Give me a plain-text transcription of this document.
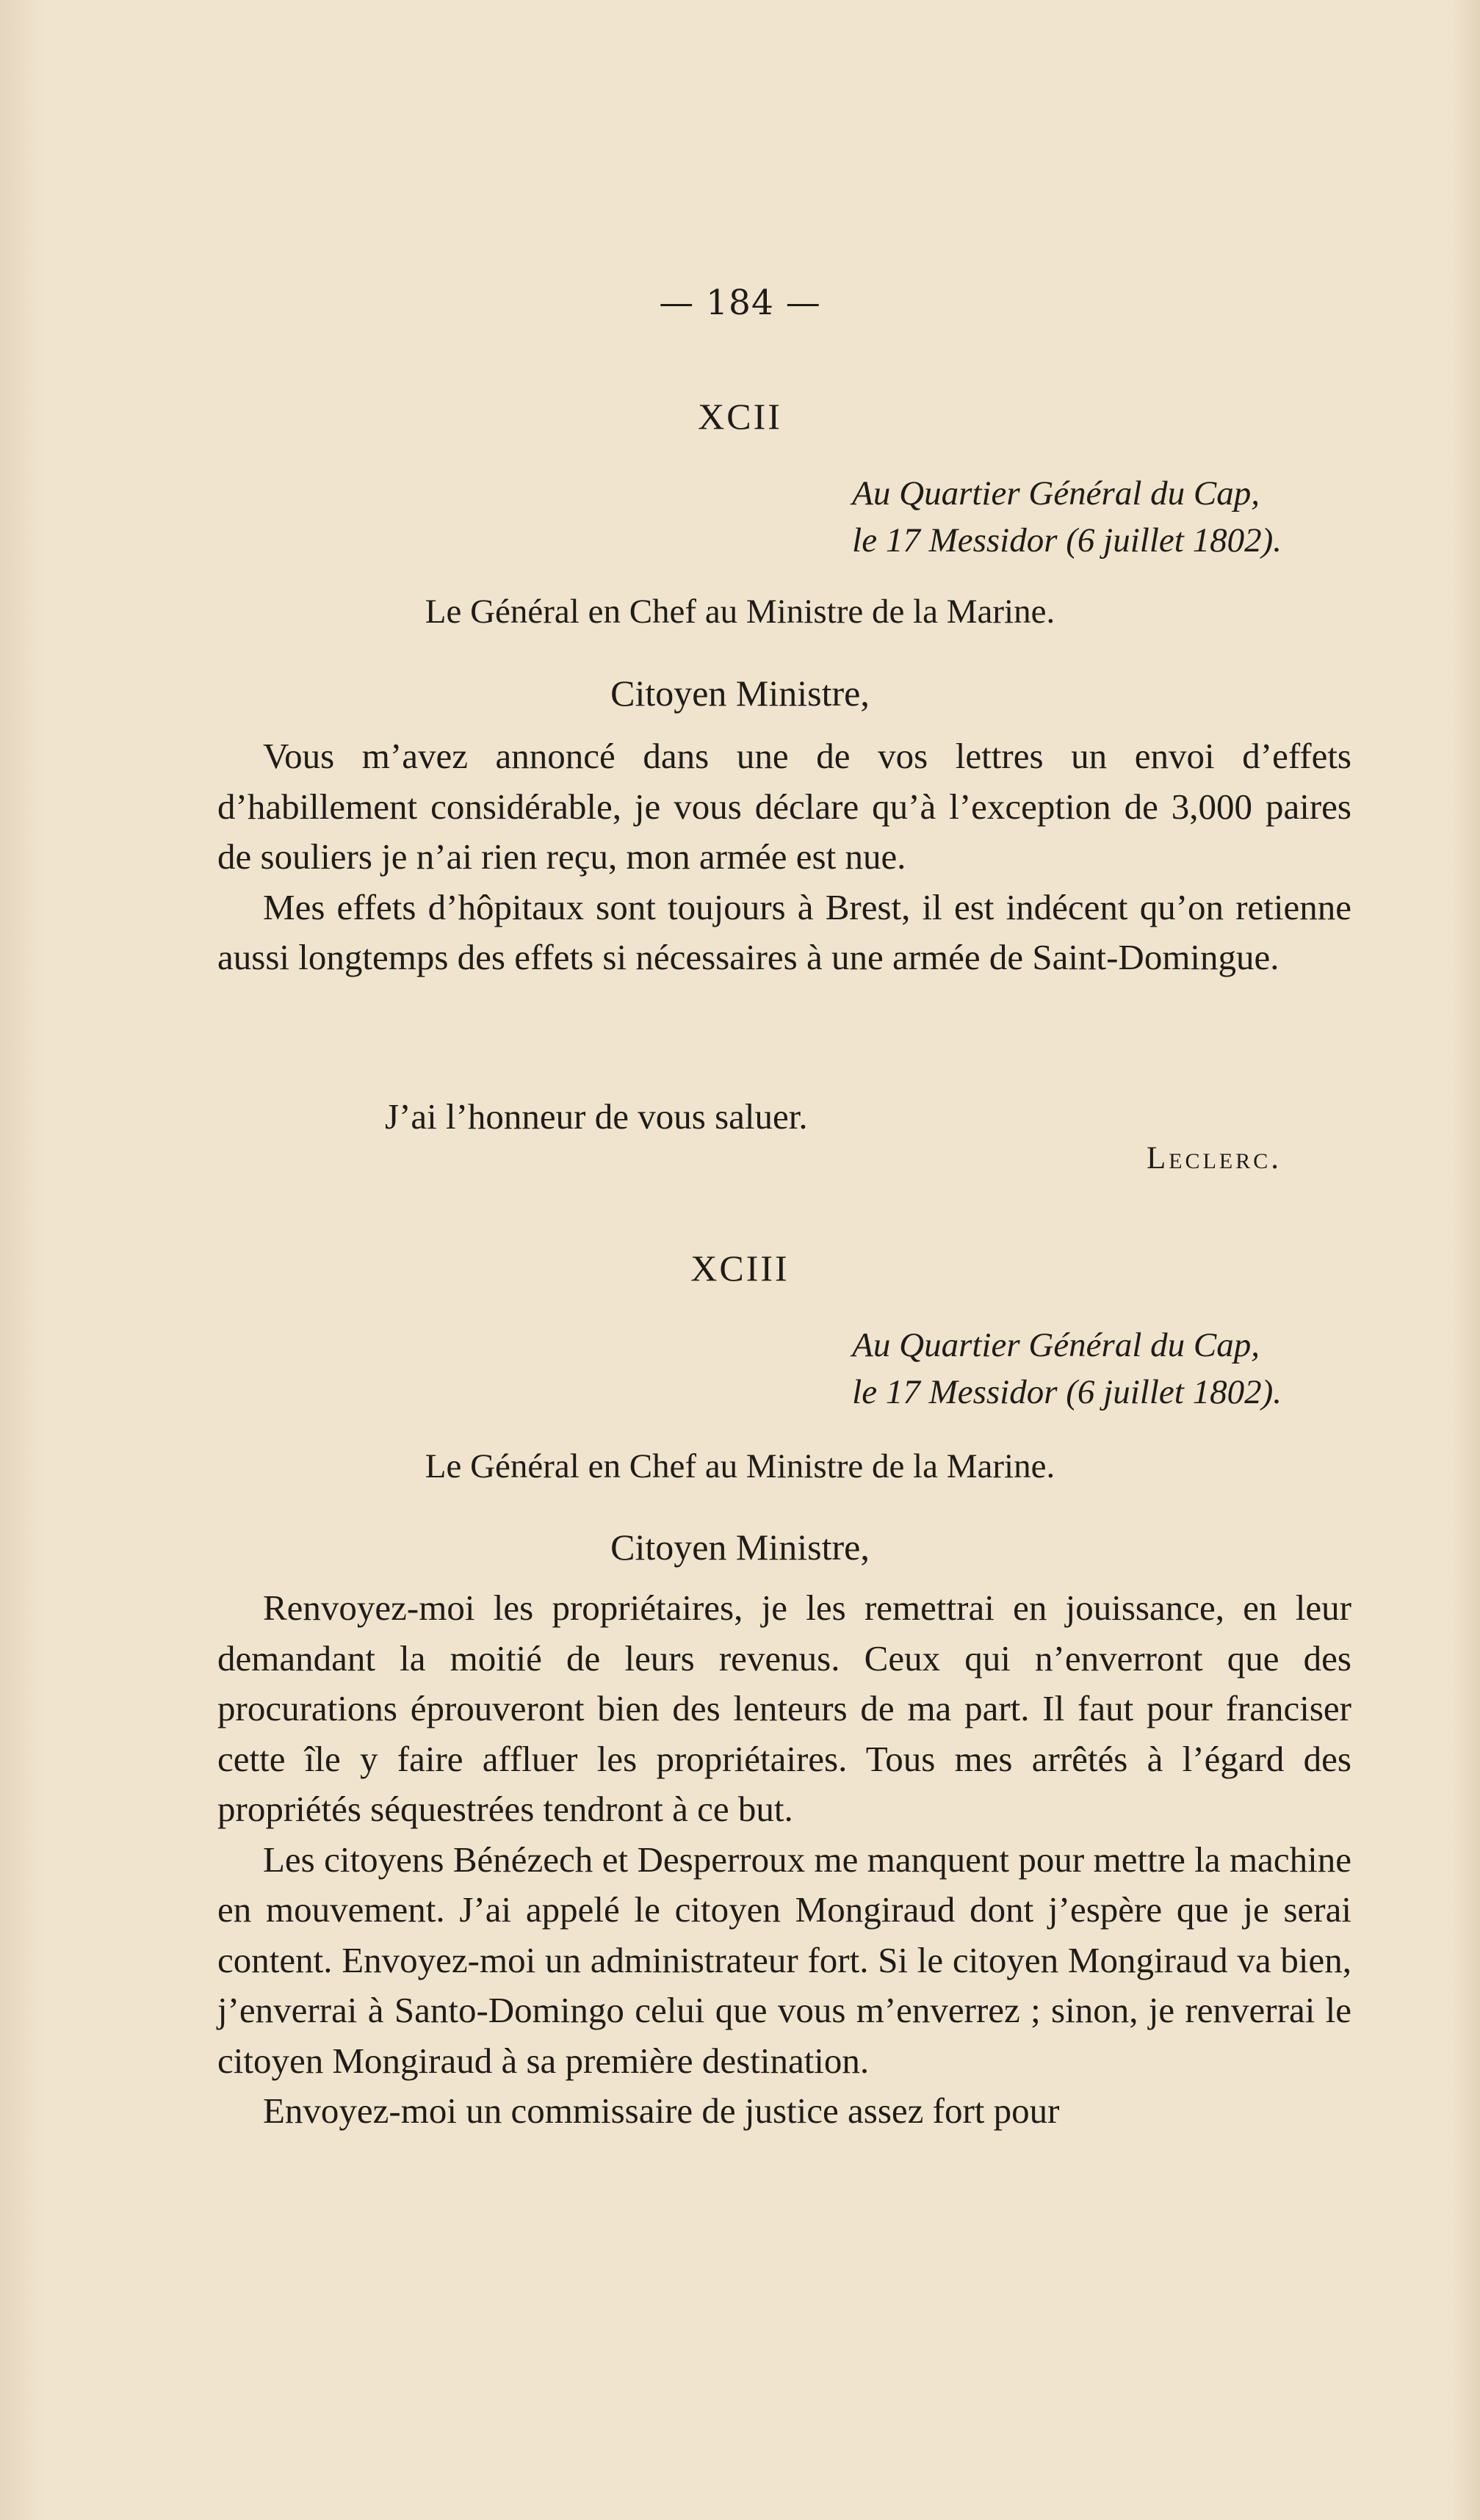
— 184 —
XCII
Au Quartier Général du Cap,
le 17 Messidor (6 juillet 1802).
Le Général en Chef au Ministre de la Marine.
Citoyen Ministre,

Vous m’avez annoncé dans une de vos lettres un envoi d’effets d’habillement considérable, je vous déclare qu’à l’exception de 3,000 paires de souliers je n’ai rien reçu, mon armée est nue.

Mes effets d’hôpitaux sont toujours à Brest, il est indécent qu’on retienne aussi longtemps des effets si nécessaires à une armée de Saint-Domingue.

J’ai l’honneur de vous saluer.
Leclerc.
XCIII
Au Quartier Général du Cap,
le 17 Messidor (6 juillet 1802).
Le Général en Chef au Ministre de la Marine.
Citoyen Ministre,

Renvoyez-moi les propriétaires, je les remettrai en jouissance, en leur demandant la moitié de leurs revenus. Ceux qui n’enverront que des procurations éprouveront bien des lenteurs de ma part. Il faut pour franciser cette île y faire affluer les propriétaires. Tous mes arrêtés à l’égard des propriétés séquestrées tendront à ce but.

Les citoyens Bénézech et Desperroux me manquent pour mettre la machine en mouvement. J’ai appelé le citoyen Mongiraud dont j’espère que je serai content. Envoyez-moi un administrateur fort. Si le citoyen Mongiraud va bien, j’enverrai à Santo-Domingo celui que vous m’enverrez ; sinon, je renverrai le citoyen Mongiraud à sa première destination.

Envoyez-moi un commissaire de justice assez fort pour
